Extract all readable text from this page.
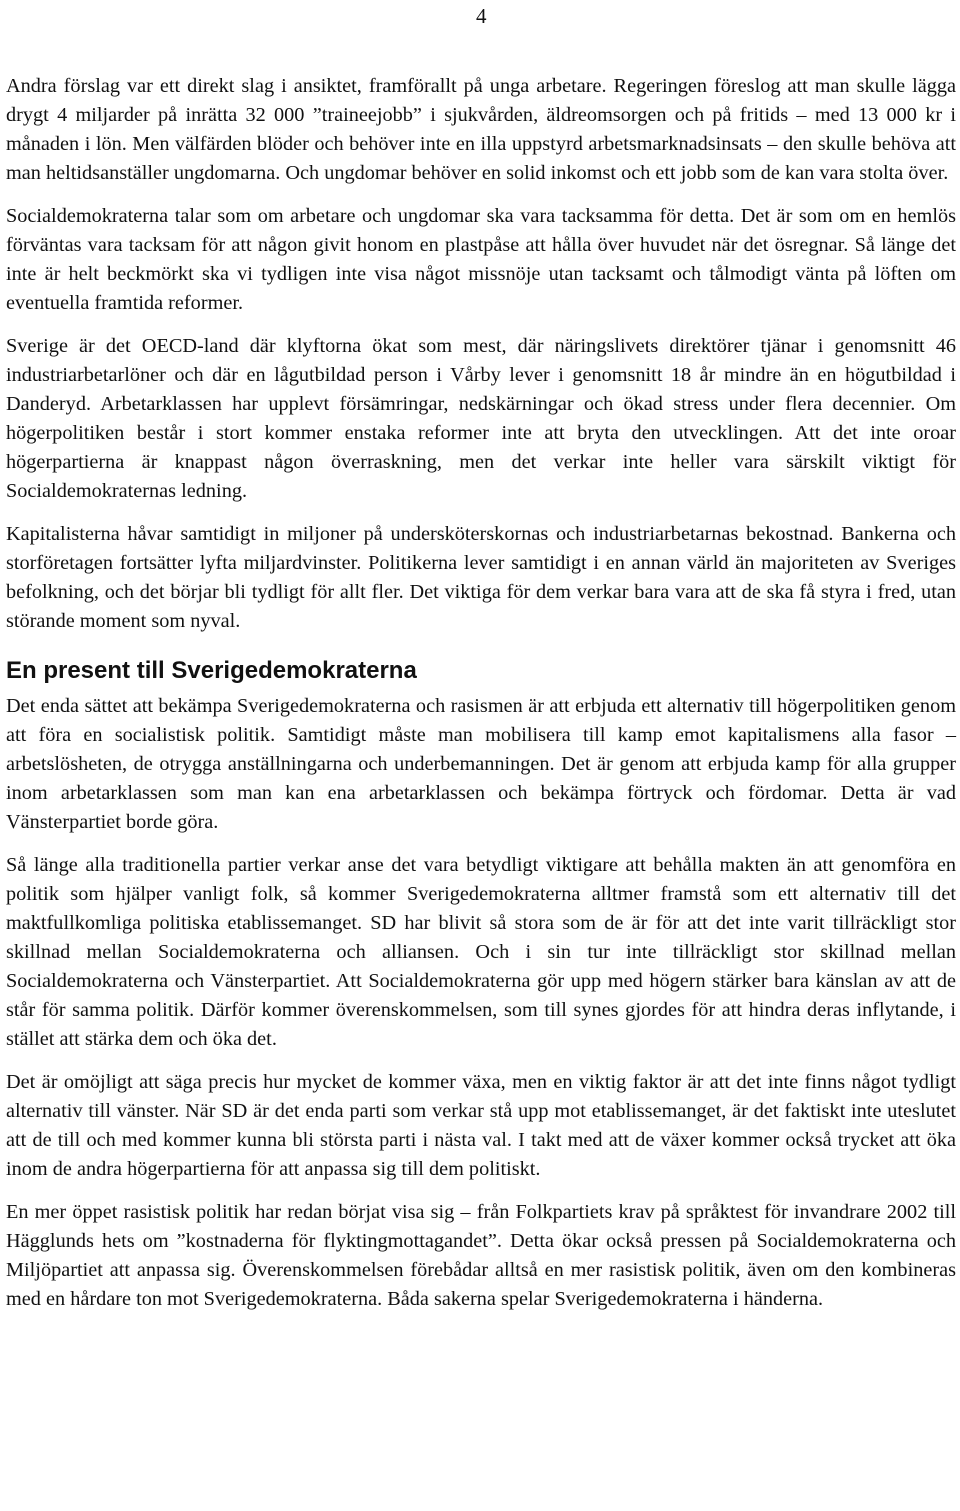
4

Andra förslag var ett direkt slag i ansiktet, framförallt på unga arbetare. Regeringen föreslog att man skulle lägga drygt 4 miljarder på inrätta 32 000 ”traineejobb” i sjukvården, äldreomsorgen och på fritids – med 13 000 kr i månaden i lön. Men välfärden blöder och behöver inte en illa uppstyrd arbetsmarknadsinsats – den skulle behöva att man heltidsanställer ungdomarna. Och ungdomar behöver en solid inkomst och ett jobb som de kan vara stolta över.

Socialdemokraterna talar som om arbetare och ungdomar ska vara tacksamma för detta. Det är som om en hemlös förväntas vara tacksam för att någon givit honom en plastpåse att hålla över huvudet när det ösregnar. Så länge det inte är helt beckmörkt ska vi tydligen inte visa något missnöje utan tacksamt och tålmodigt vänta på löften om eventuella framtida reformer.

Sverige är det OECD-land där klyftorna ökat som mest, där näringslivets direktörer tjänar i genomsnitt 46 industriarbetarlöner och där en lågutbildad person i Vårby lever i genomsnitt 18 år mindre än en högutbildad i Danderyd. Arbetarklassen har upplevt försämringar, nedskärningar och ökad stress under flera decennier. Om högerpolitiken består i stort kommer enstaka reformer inte att bryta den utvecklingen. Att det inte oroar högerpartierna är knappast någon överraskning, men det verkar inte heller vara särskilt viktigt för Socialdemokraternas ledning.

Kapitalisterna håvar samtidigt in miljoner på undersköterskornas och industriarbetarnas bekostnad. Bankerna och storföretagen fortsätter lyfta miljardvinster. Politikerna lever samtidigt i en annan värld än majoriteten av Sveriges befolkning, och det börjar bli tydligt för allt fler. Det viktiga för dem verkar bara vara att de ska få styra i fred, utan störande moment som nyval.

En present till Sverigedemokraterna

Det enda sättet att bekämpa Sverigedemokraterna och rasismen är att erbjuda ett alternativ till högerpolitiken genom att föra en socialistisk politik. Samtidigt måste man mobilisera till kamp emot kapitalismens alla fasor – arbetslösheten, de otrygga anställningarna och underbemanningen. Det är genom att erbjuda kamp för alla grupper inom arbetarklassen som man kan ena arbetarklassen och bekämpa förtryck och fördomar. Detta är vad Vänsterpartiet borde göra.

Så länge alla traditionella partier verkar anse det vara betydligt viktigare att behålla makten än att genomföra en politik som hjälper vanligt folk, så kommer Sverigedemokraterna alltmer framstå som ett alternativ till det maktfullkomliga politiska etablissemanget. SD har blivit så stora som de är för att det inte varit tillräckligt stor skillnad mellan Socialdemokraterna och alliansen. Och i sin tur inte tillräckligt stor skillnad mellan Socialdemokraterna och Vänsterpartiet. Att Socialdemokraterna gör upp med högern stärker bara känslan av att de står för samma politik. Därför kommer överenskommelsen, som till synes gjordes för att hindra deras inflytande, i stället att stärka dem och öka det.

Det är omöjligt att säga precis hur mycket de kommer växa, men en viktig faktor är att det inte finns något tydligt alternativ till vänster. När SD är det enda parti som verkar stå upp mot etablissemanget, är det faktiskt inte uteslutet att de till och med kommer kunna bli största parti i nästa val. I takt med att de växer kommer också trycket att öka inom de andra högerpartierna för att anpassa sig till dem politiskt.

En mer öppet rasistisk politik har redan börjat visa sig – från Folkpartiets krav på språktest för invandrare 2002 till Hägglunds hets om ”kostnaderna för flyktingmottagandet”. Detta ökar också pressen på Socialdemokraterna och Miljöpartiet att anpassa sig. Överenskommelsen förebådar alltså en mer rasistisk politik, även om den kombineras med en hårdare ton mot Sverigedemokraterna. Båda sakerna spelar Sverigedemokraterna i händerna.
